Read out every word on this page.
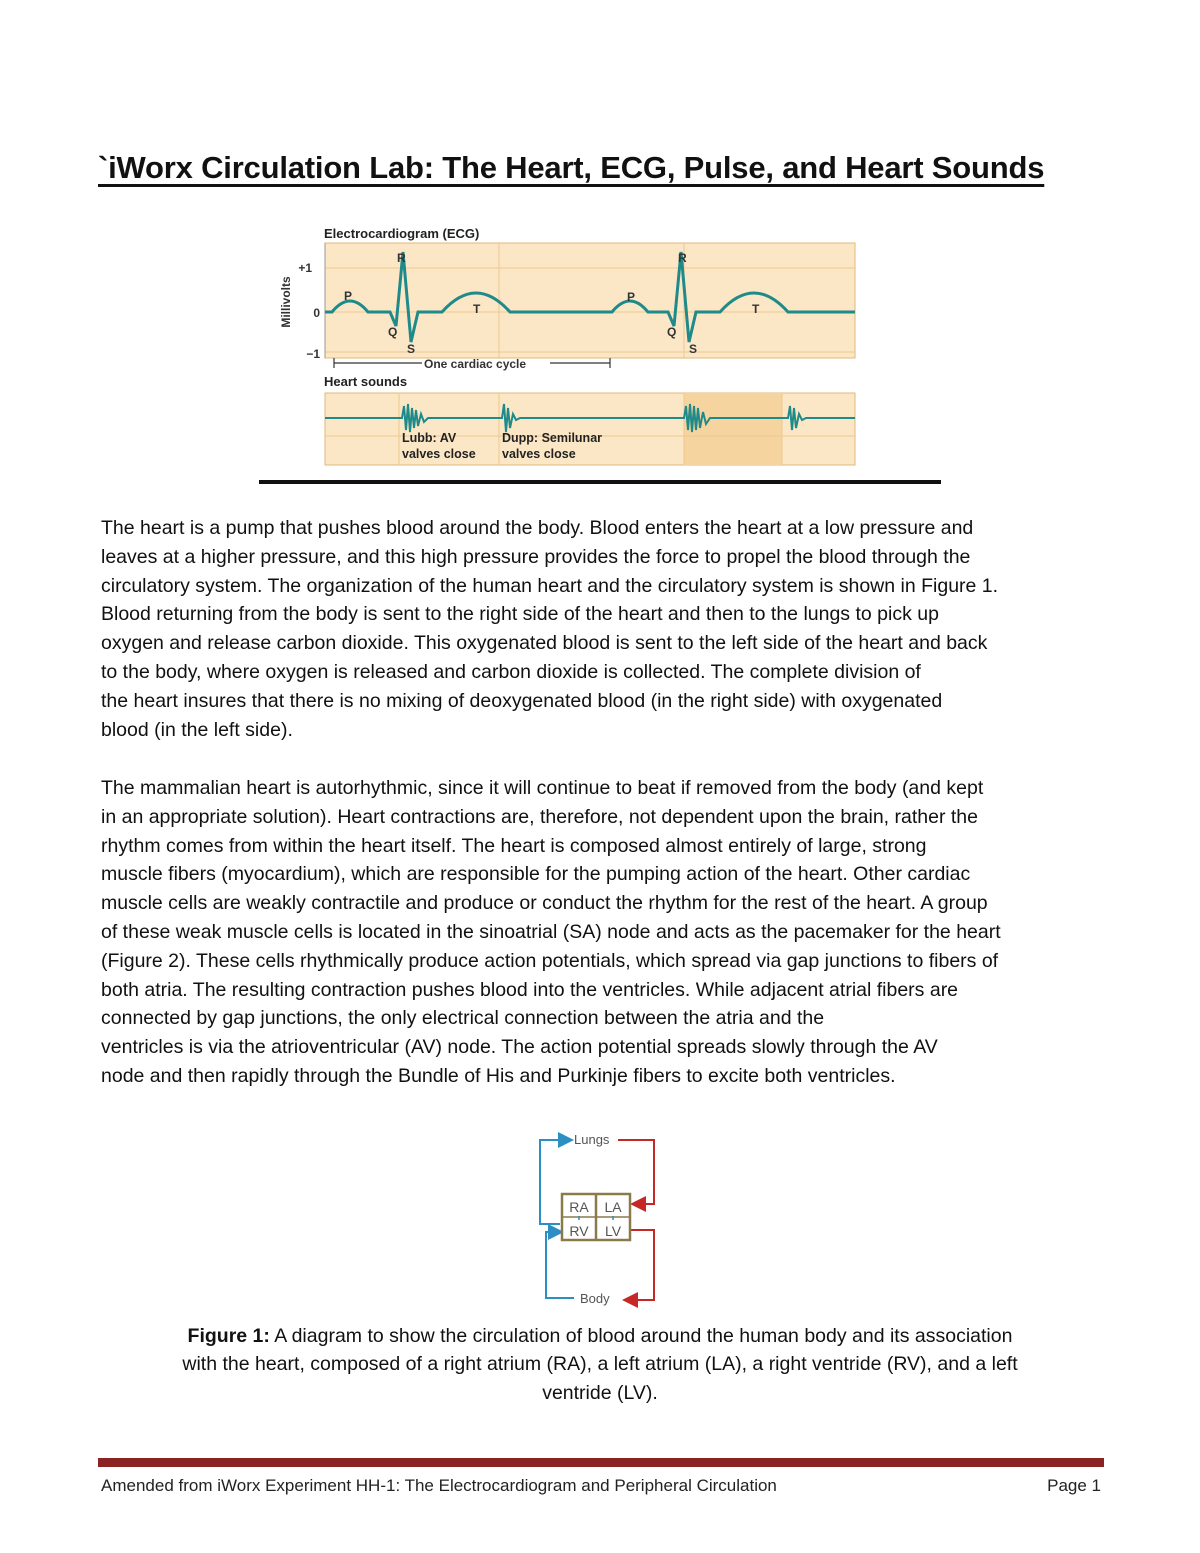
`iWorx Circulation Lab: The Heart, ECG, Pulse, and Heart Sounds
Electrocardiogram (ECG)
+1
0
−1
Millivolts	P
R
Q
S
T
P
R
Q
S
T
One cardiac cycle
Heart sounds
Lubb: AV
valves close
Dupp: Semilunar
valves close

The heart is a pump that pushes blood around the body. Blood enters the heart at a low pressure and
leaves at a higher pressure, and this high pressure provides the force to propel the blood through the
circulatory system. The organization of the human heart and the circulatory system is shown in Figure 1.
Blood returning from the body is sent to the right side of the heart and then to the lungs to pick up
oxygen and release carbon dioxide. This oxygenated blood is sent to the left side of the heart and back
to the body, where oxygen is released and carbon dioxide is collected. The complete division of
the heart insures that there is no mixing of deoxygenated blood (in the right side) with oxygenated
blood (in the left side).

The mammalian heart is autorhythmic, since it will continue to beat if removed from the body (and kept
in an appropriate solution). Heart contractions are, therefore, not dependent upon the brain, rather the
rhythm comes from within the heart itself. The heart is composed almost entirely of large, strong
muscle fibers (myocardium), which are responsible for the pumping action of the heart. Other cardiac
muscle cells are weakly contractile and produce or conduct the rhythm for the rest of the heart. A group
of these weak muscle cells is located in the sinoatrial (SA) node and acts as the pacemaker for the heart
(Figure 2). These cells rhythmically produce action potentials, which spread via gap junctions to fibers of
both atria. The resulting contraction pushes blood into the ventricles. While adjacent atrial fibers are
connected by gap junctions, the only electrical connection between the atria and the
ventricles is via the atrioventricular (AV) node. The action potential spreads slowly through the AV
node and then rapidly through the Bundle of His and Purkinje fibers to excite both ventricles.

Lungs
Body
RA LA
RV LV

Figure 1: A diagram to show the circulation of blood around the human body and its association
with the heart, composed of a right atrium (RA), a left atrium (LA), a right ventride (RV), and a left
ventride (LV).

Amended from iWorx Experiment HH-1: The Electrocardiogram and Peripheral Circulation	Page 1
